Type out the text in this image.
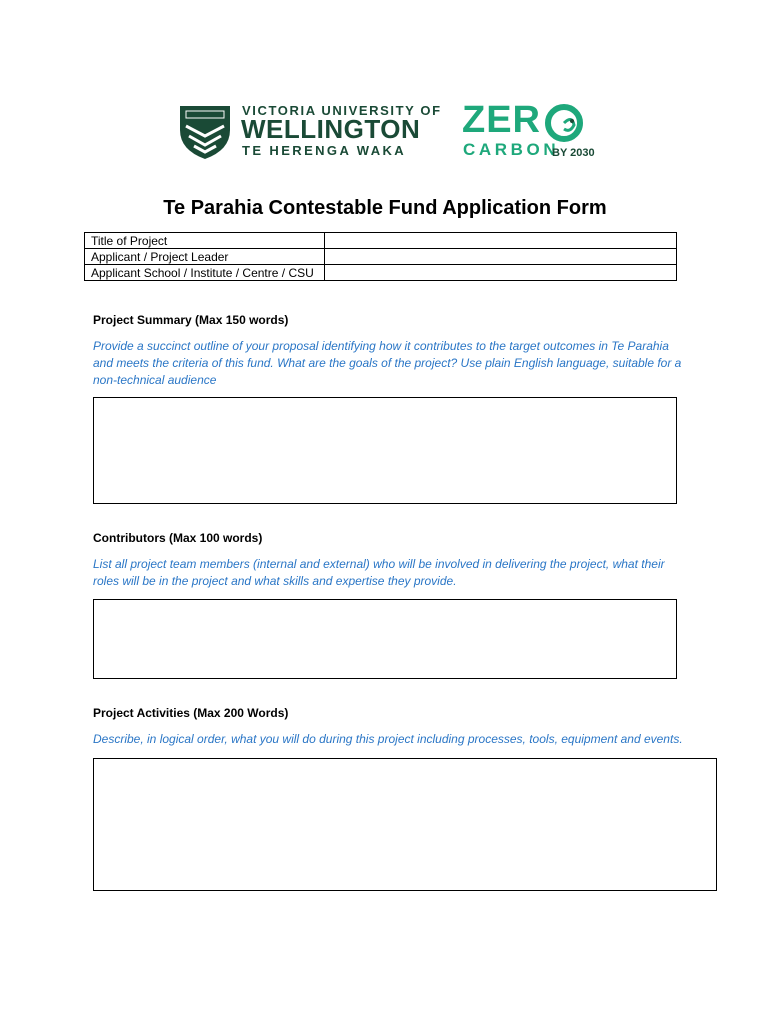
VICTORIA UNIVERSITY OF
WELLINGTON
TE HERENGA WAKA
ZER
CARBON
BY 2030
Te Parahia Contestable Fund Application Form
Title of Project	
Applicant / Project Leader	
Applicant School / Institute / Centre / CSU	
Project Summary (Max 150 words)
Provide a succinct outline of your proposal identifying how it contributes to the target outcomes in Te Parahia and meets the criteria of this fund. What are the goals of the project? Use plain English language, suitable for a non-technical audience
Contributors (Max 100 words)
List all project team members (internal and external) who will be involved in delivering the project, what their roles will be in the project and what skills and expertise they provide.
Project Activities (Max 200 Words)
Describe, in logical order, what you will do during this project including processes, tools, equipment and events.
